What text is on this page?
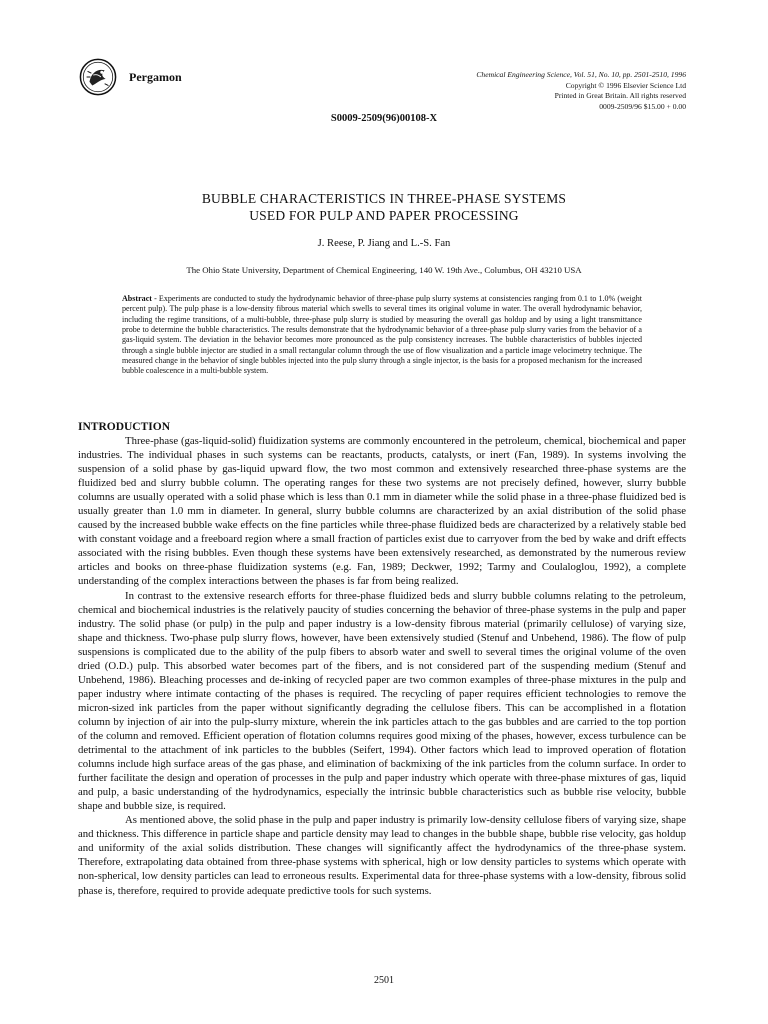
Pergamon	Chemical Engineering Science, Vol. 51, No. 10, pp. 2501-2510, 1996
Copyright © 1996 Elsevier Science Ltd
Printed in Great Britain. All rights reserved
0009-2509/96 $15.00 + 0.00
S0009-2509(96)00108-X
BUBBLE CHARACTERISTICS IN THREE-PHASE SYSTEMS
USED FOR PULP AND PAPER PROCESSING
J. Reese, P. Jiang and L.-S. Fan
The Ohio State University, Department of Chemical Engineering, 140 W. 19th Ave., Columbus, OH 43210 USA
Abstract - Experiments are conducted to study the hydrodynamic behavior of three-phase pulp slurry systems at consistencies ranging from 0.1 to 1.0% (weight percent pulp). The pulp phase is a low-density fibrous material which swells to several times its original volume in water. The overall hydrodynamic behavior, including the regime transitions, of a multi-bubble, three-phase pulp slurry is studied by measuring the overall gas holdup and by using a light transmittance probe to determine the bubble characteristics. The results demonstrate that the hydrodynamic behavior of a three-phase pulp slurry varies from the behavior of a gas-liquid system. The deviation in the behavior becomes more pronounced as the pulp consistency increases. The bubble characteristics of bubbles injected through a single bubble injector are studied in a small rectangular column through the use of flow visualization and a particle image velocimetry technique. The measured change in the behavior of single bubbles injected into the pulp slurry through a single injector, is the basis for a proposed mechanism for the increased bubble coalescence in a multi-bubble system.
INTRODUCTION

Three-phase (gas-liquid-solid) fluidization systems are commonly encountered in the petroleum, chemical, biochemical and paper industries. The individual phases in such systems can be reactants, products, catalysts, or inert (Fan, 1989). In systems involving the suspension of a solid phase by gas-liquid upward flow, the two most common and extensively researched three-phase systems are the fluidized bed and slurry bubble column. The operating ranges for these two systems are not precisely defined, however, slurry bubble columns are usually operated with a solid phase which is less than 0.1 mm in diameter while the solid phase in a three-phase fluidized bed is usually greater than 1.0 mm in diameter. In general, slurry bubble columns are characterized by an axial distribution of the solid phase caused by the increased bubble wake effects on the fine particles while three-phase fluidized beds are characterized by a relatively stable bed with constant voidage and a freeboard region where a small fraction of particles exist due to carryover from the bed by wake and drift effects associated with the rising bubbles. Even though these systems have been extensively researched, as demonstrated by the numerous review articles and books on three-phase fluidization systems (e.g. Fan, 1989; Deckwer, 1992; Tarmy and Coulaloglou, 1992), a complete understanding of the complex interactions between the phases is far from being realized.

In contrast to the extensive research efforts for three-phase fluidized beds and slurry bubble columns relating to the petroleum, chemical and biochemical industries is the relatively paucity of studies concerning the behavior of three-phase systems in the pulp and paper industry. The solid phase (or pulp) in the pulp and paper industry is a low-density fibrous material (primarily cellulose) of varying size, shape and thickness. Two-phase pulp slurry flows, however, have been extensively studied (Stenuf and Unbehend, 1986). The flow of pulp suspensions is complicated due to the ability of the pulp fibers to absorb water and swell to several times the original volume of the oven dried (O.D.) pulp. This absorbed water becomes part of the fibers, and is not considered part of the suspending medium (Stenuf and Unbehend, 1986). Bleaching processes and de-inking of recycled paper are two common examples of three-phase mixtures in the pulp and paper industry where intimate contacting of the phases is required. The recycling of paper requires efficient technologies to remove the micron-sized ink particles from the paper without significantly degrading the cellulose fibers. This can be accomplished in a flotation column by injection of air into the pulp-slurry mixture, wherein the ink particles attach to the gas bubbles and are carried to the top portion of the column and removed. Efficient operation of flotation columns requires good mixing of the phases, however, excess turbulence can be detrimental to the attachment of ink particles to the bubbles (Seifert, 1994). Other factors which lead to improved operation of flotation columns include high surface areas of the gas phase, and elimination of backmixing of the ink particles from the column surface. In order to further facilitate the design and operation of processes in the pulp and paper industry which operate with three-phase mixtures of gas, liquid and pulp, a basic understanding of the hydrodynamics, especially the intrinsic bubble characteristics such as bubble rise velocity, bubble shape and bubble size, is required.

As mentioned above, the solid phase in the pulp and paper industry is primarily low-density cellulose fibers of varying size, shape and thickness. This difference in particle shape and particle density may lead to changes in the bubble shape, bubble rise velocity, gas holdup and uniformity of the axial solids distribution. These changes will significantly affect the hydrodynamics of the three-phase system. Therefore, extrapolating data obtained from three-phase systems with spherical, high or low density particles to systems which operate with non-spherical, low density particles can lead to erroneous results. Experimental data for three-phase systems with a low-density, fibrous solid phase is, therefore, required to provide adequate predictive tools for such systems.

2501
